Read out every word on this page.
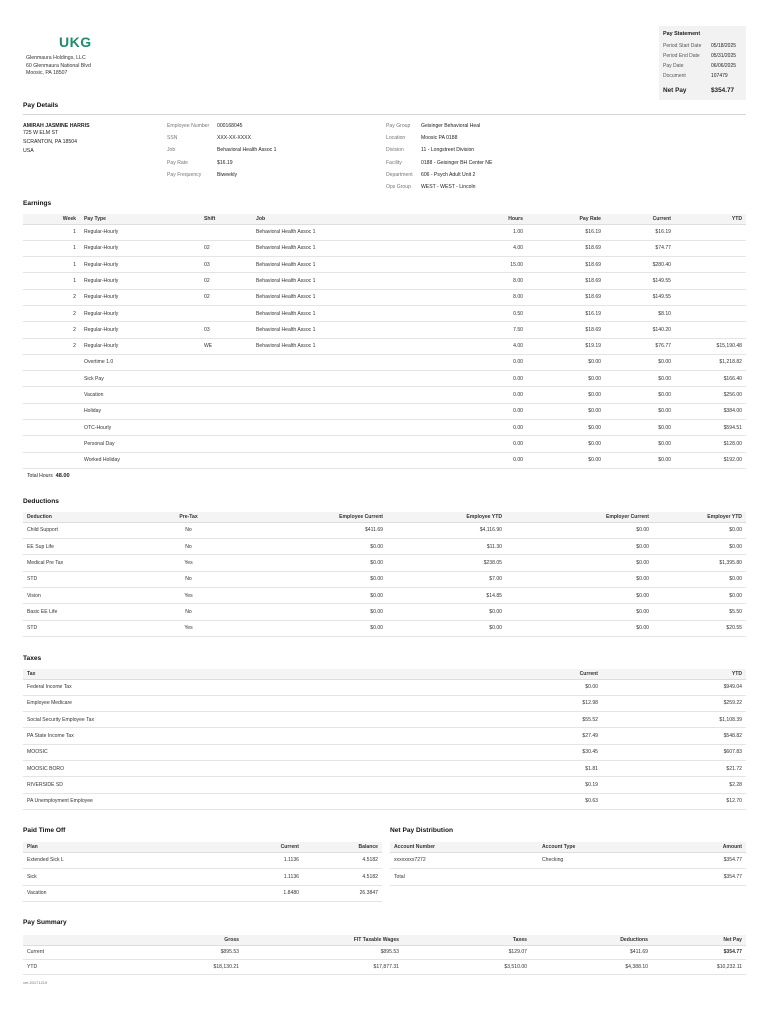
UKG
Glenmaura Holdings, LLC
60 Glenmaura National Blvd
Moosic, PA 18507
Pay Statement
Period Start Date	05/18/2025
Period End Date	05/31/2025
Pay Date	06/06/2025
Document	107479
Net Pay	$354.77
Pay Details
AMIRAH JASMINE HARRIS
725 W ELM ST
SCRANTON, PA 18504
USA
Employee Number 000168045
SSN	XXX-XX-XXXX
Job	Behavioral Health Assoc 1
Pay Rate	$16.19
Pay Frequency	Biweekly
Pay Group Geisinger Behavioral Heal
Location	Moosic PA 0188
Division	11 - Longstreet Division
Facility	0188 - Geisinger BH Center NE
Department 606 - Psych Adult Unit 2
Ops Group WEST - WEST - Lincoln
Earnings
Week	Pay Type	Shift	Job	Hours	Pay Rate	Current	YTD
1	Regular-Hourly		Behavioral Health Assoc 1	1.00	$16.19	$16.19	
1	Regular-Hourly	02	Behavioral Health Assoc 1	4.00	$18.69	$74.77	
1	Regular-Hourly	03	Behavioral Health Assoc 1	15.00	$18.69	$280.40	
1	Regular-Hourly	02	Behavioral Health Assoc 1	8.00	$18.69	$149.55	
2	Regular-Hourly	02	Behavioral Health Assoc 1	8.00	$18.69	$149.55	
2	Regular-Hourly		Behavioral Health Assoc 1	0.50	$16.19	$8.10	
2	Regular-Hourly	03	Behavioral Health Assoc 1	7.50	$18.69	$140.20	
2	Regular-Hourly	WE	Behavioral Health Assoc 1	4.00	$19.19	$76.77	$15,190.48
	Overtime 1.0			0.00	$0.00	$0.00	$1,218.82
	Sick Pay			0.00	$0.00	$0.00	$166.40
	Vacation			0.00	$0.00	$0.00	$256.00
	Holiday			0.00	$0.00	$0.00	$384.00
	OTC-Hourly			0.00	$0.00	$0.00	$594.51
	Personal Day			0.00	$0.00	$0.00	$128.00
	Worked Holiday			0.00	$0.00	$0.00	$192.00
Total Hours 48.00
Deductions
Deduction	Pre-Tax	Employee Current	Employee YTD	Employer Current	Employer YTD
Child Support	No	$411.69	$4,116.90	$0.00	$0.00
EE Sup Life	No	$0.00	$11.30	$0.00	$0.00
Medical Pre Tax	Yes	$0.00	$238.05	$0.00	$1,395.80
STD	No	$0.00	$7.00	$0.00	$0.00
Vision	Yes	$0.00	$14.85	$0.00	$0.00
Basic EE Life	No	$0.00	$0.00	$0.00	$5.50
STD	Yes	$0.00	$0.00	$0.00	$20.55
Taxes
Tax	Current	YTD
Federal Income Tax	$0.00	$949.04
Employee Medicare	$12.98	$259.22
Social Security Employee Tax	$55.52	$1,108.39
PA State Income Tax	$27.49	$548.82
MOOSIC	$30.45	$607.83
MOOSIC BORO	$1.81	$21.72
RIVERSIDE SD	$0.19	$2.28
PA Unemployment Employee	$0.63	$12.70
Paid Time Off
Plan	Current	Balance
Extended Sick L	1.1136	4.5182
Sick	1.1136	4.5182
Vacation	1.8480	26.3847
Net Pay Distribution
Account Number	Account Type	Amount
xxxxxxxx7272	Checking	$354.77
Total		$354.77
Pay Summary
	Gross	FIT Taxable Wages	Taxes	Deductions	Net Pay
Current	$895.53	$895.53	$129.07	$411.69	$354.77
YTD	$18,130.21	$17,877.31	$3,510.00	$4,388.10	$10,232.11
ver.20171219
